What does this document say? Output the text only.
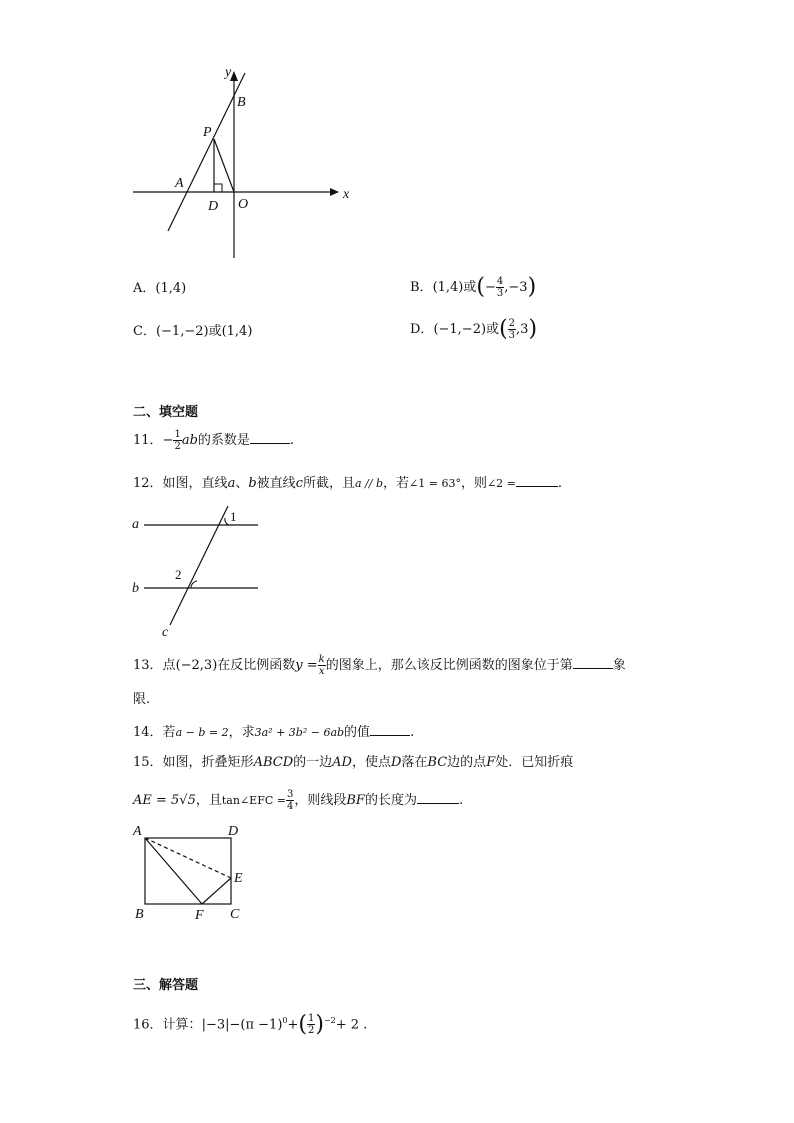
y
x
B
P
A
D O
A．(1,4)	B．(1,4)或(− $\frac{4}{3} ,-3$)
C．(−1,−2)或(1,4)	D．(−1,−2)或( $\frac{2}{3} ,3$)
二、填空题
11．− $\frac{1}{2}$ ab的系数是	.
12．如图，直线a、b被直线c所截，且a // b，若∠1 = 63°，则∠2 =	.
a
b
c
1
2
13．点(−2,3)在反比例函数$y = \frac{k}{x}$ 的图象上，那么该反比例函数的图象位于第	象
限.
14．若a − b = 2，求3a² + 3b² − 6ab的值	.
15．如图，折叠矩形ABCD的一边AD，使点D落在BC边的点F处．已知折痕
AE = 5√5，且tan∠EFC = $\frac{3}{4}$ ，则线段BF的长度为	.
A	D
E
B	F C
三、解答题
16．计算：$|-3|-(\pi -1)^0+( \frac{1}{2} )^{-2}+ 2$ .
